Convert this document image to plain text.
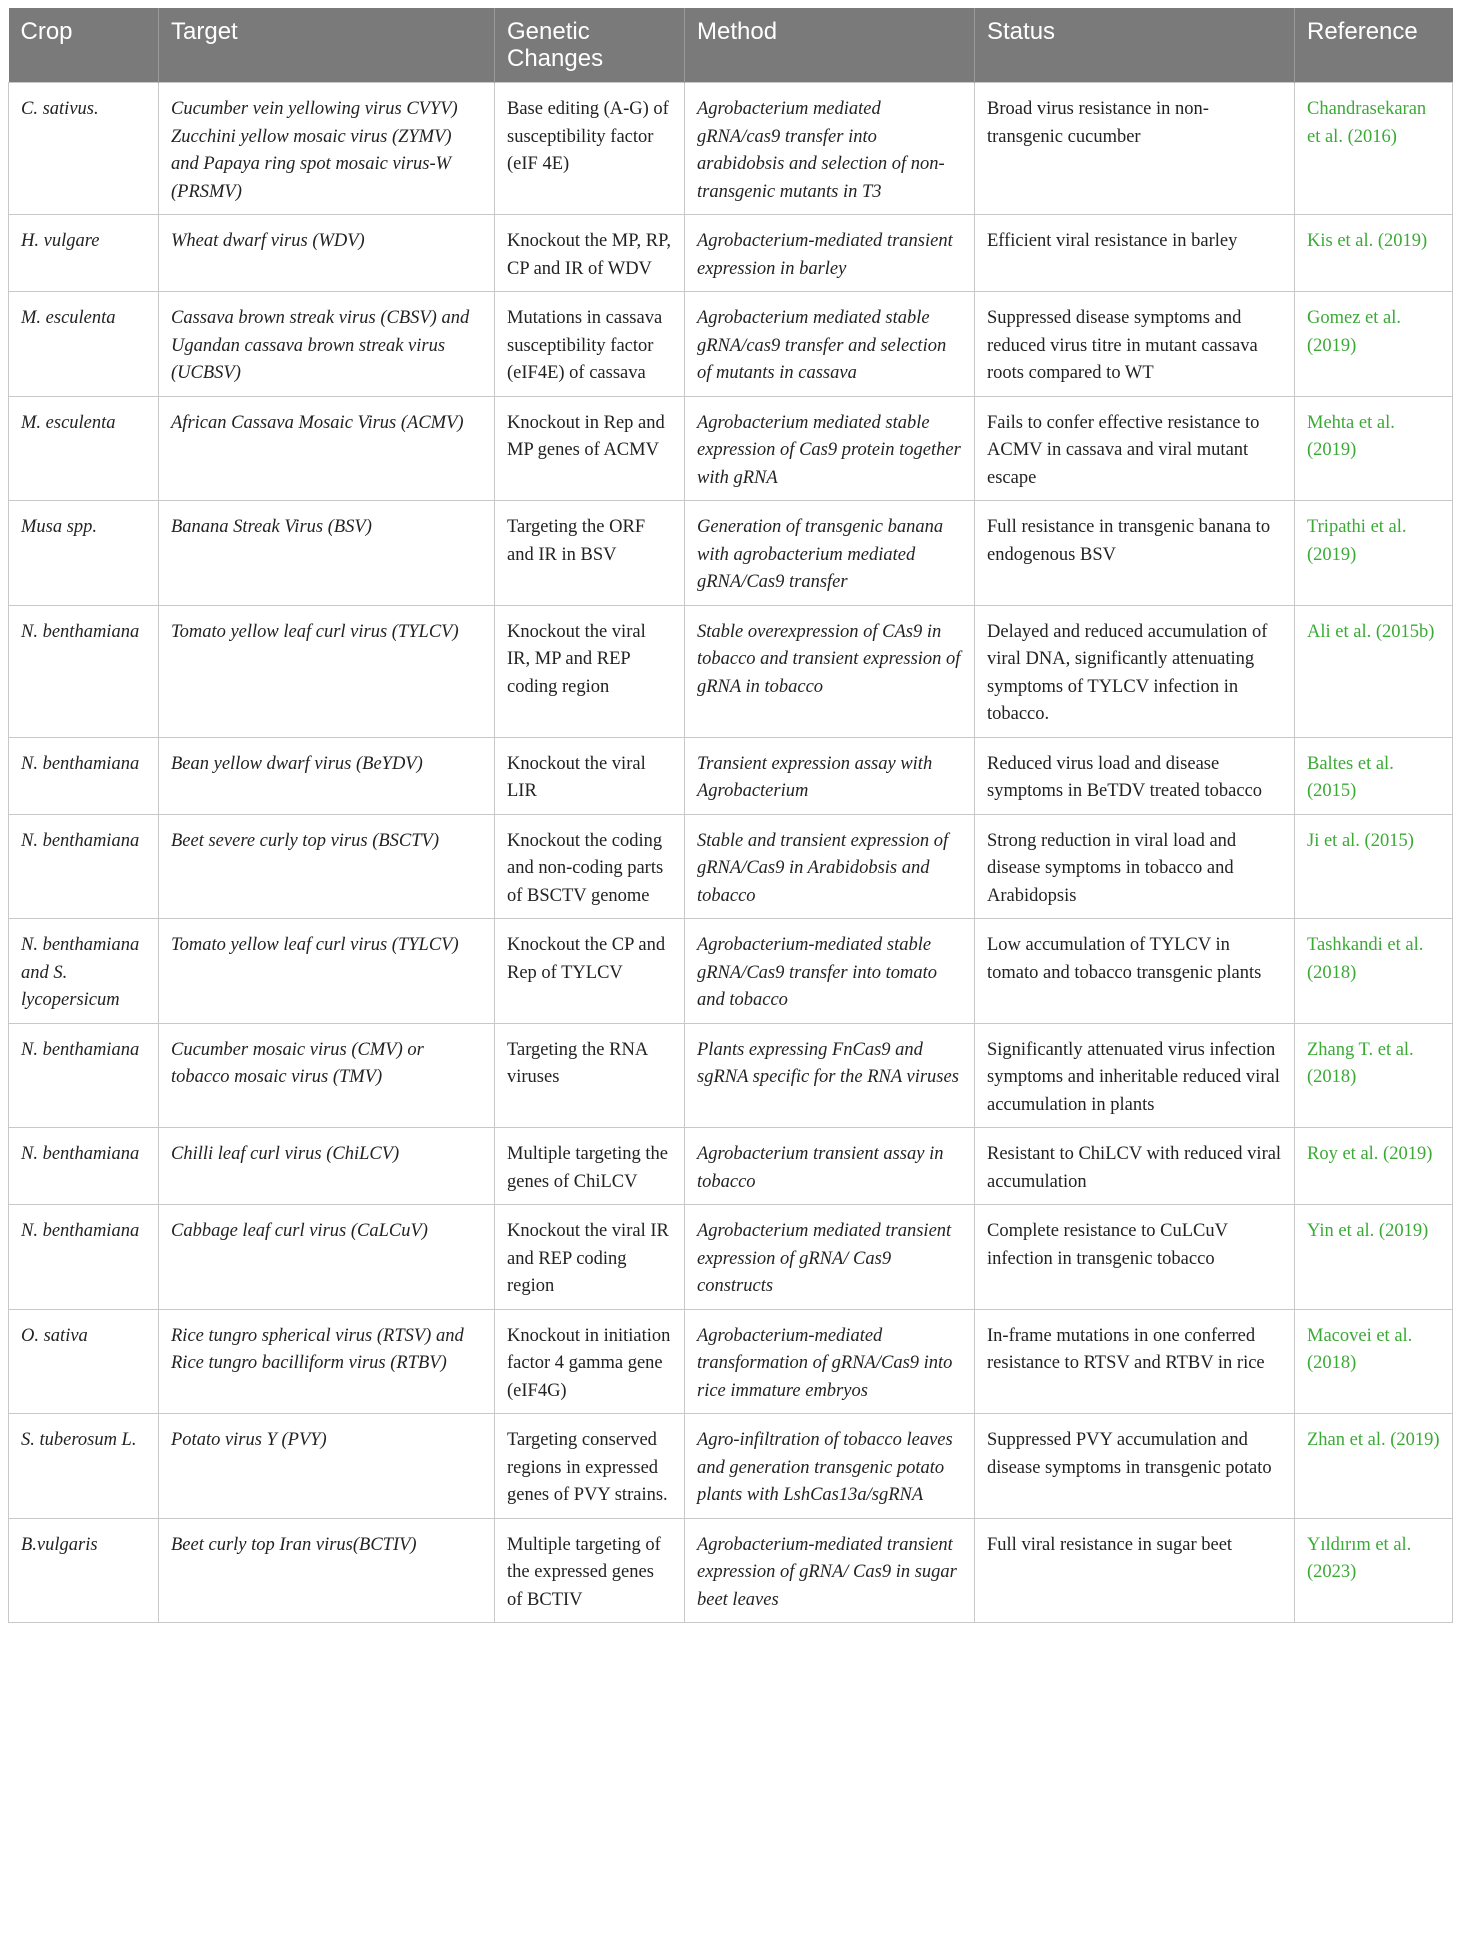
Crop	Target	Genetic Changes	Method	Status	Reference
C. sativus.	Cucumber vein yellowing virus CVYV) Zucchini yellow mosaic virus (ZYMV) and Papaya ring spot mosaic virus-W (PRSMV)	Base editing (A-G) of susceptibility factor (eIF 4E)	Agrobacterium mediated gRNA/cas9 transfer into arabidobsis and selection of non-transgenic mutants in T3	Broad virus resistance in non-transgenic cucumber	Chandrasekaran et al. (2016)
H. vulgare	Wheat dwarf virus (WDV)	Knockout the MP, RP, CP and IR of WDV	Agrobacterium-mediated transient expression in barley	Efficient viral resistance in barley	Kis et al. (2019)
M. esculenta	Cassava brown streak virus (CBSV) and Ugandan cassava brown streak virus (UCBSV)	Mutations in cassava susceptibility factor (eIF4E) of cassava	Agrobacterium mediated stable gRNA/cas9 transfer and selection of mutants in cassava	Suppressed disease symptoms and reduced virus titre in mutant cassava roots compared to WT	Gomez et al. (2019)
M. esculenta	African Cassava Mosaic Virus (ACMV)	Knockout in Rep and MP genes of ACMV	Agrobacterium mediated stable expression of Cas9 protein together with gRNA	Fails to confer effective resistance to ACMV in cassava and viral mutant escape	Mehta et al. (2019)
Musa spp.	Banana Streak Virus (BSV)	Targeting the ORF and IR in BSV	Generation of transgenic banana with agrobacterium mediated gRNA/Cas9 transfer	Full resistance in transgenic banana to endogenous BSV	Tripathi et al. (2019)
N. benthamiana	Tomato yellow leaf curl virus (TYLCV)	Knockout the viral IR, MP and REP coding region	Stable overexpression of CAs9 in tobacco and transient expression of gRNA in tobacco	Delayed and reduced accumulation of viral DNA, significantly attenuating symptoms of TYLCV infection in tobacco.	Ali et al. (2015b)
N. benthamiana	Bean yellow dwarf virus (BeYDV)	Knockout the viral LIR	Transient expression assay with Agrobacterium	Reduced virus load and disease symptoms in BeTDV treated tobacco	Baltes et al. (2015)
N. benthamiana	Beet severe curly top virus (BSCTV)	Knockout the coding and non-coding parts of BSCTV genome	Stable and transient expression of gRNA/Cas9 in Arabidobsis and tobacco	Strong reduction in viral load and disease symptoms in tobacco and Arabidopsis	Ji et al. (2015)
N. benthamiana and S. lycopersicum	Tomato yellow leaf curl virus (TYLCV)	Knockout the CP and Rep of TYLCV	Agrobacterium-mediated stable gRNA/Cas9 transfer into tomato and tobacco	Low accumulation of TYLCV in tomato and tobacco transgenic plants	Tashkandi et al. (2018)
N. benthamiana	Cucumber mosaic virus (CMV) or tobacco mosaic virus (TMV)	Targeting the RNA viruses	Plants expressing FnCas9 and sgRNA specific for the RNA viruses	Significantly attenuated virus infection symptoms and inheritable reduced viral accumulation in plants	Zhang T. et al. (2018)
N. benthamiana	Chilli leaf curl virus (ChiLCV)	Multiple targeting the genes of ChiLCV	Agrobacterium transient assay in tobacco	Resistant to ChiLCV with reduced viral accumulation	Roy et al. (2019)
N. benthamiana	Cabbage leaf curl virus (CaLCuV)	Knockout the viral IR and REP coding region	Agrobacterium mediated transient expression of gRNA/ Cas9 constructs	Complete resistance to CuLCuV infection in transgenic tobacco	Yin et al. (2019)
O. sativa	Rice tungro spherical virus (RTSV) and Rice tungro bacilliform virus (RTBV)	Knockout in initiation factor 4 gamma gene (eIF4G)	Agrobacterium-mediated transformation of gRNA/Cas9 into rice immature embryos	In-frame mutations in one conferred resistance to RTSV and RTBV in rice	Macovei et al. (2018)
S. tuberosum L.	Potato virus Y (PVY)	Targeting conserved regions in expressed genes of PVY strains.	Agro-infiltration of tobacco leaves and generation transgenic potato plants with LshCas13a/sgRNA	Suppressed PVY accumulation and disease symptoms in transgenic potato	Zhan et al. (2019)
B.vulgaris	Beet curly top Iran virus(BCTIV)	Multiple targeting of the expressed genes of BCTIV	Agrobacterium-mediated transient expression of gRNA/ Cas9 in sugar beet leaves	Full viral resistance in sugar beet	Yıldırım et al. (2023)
